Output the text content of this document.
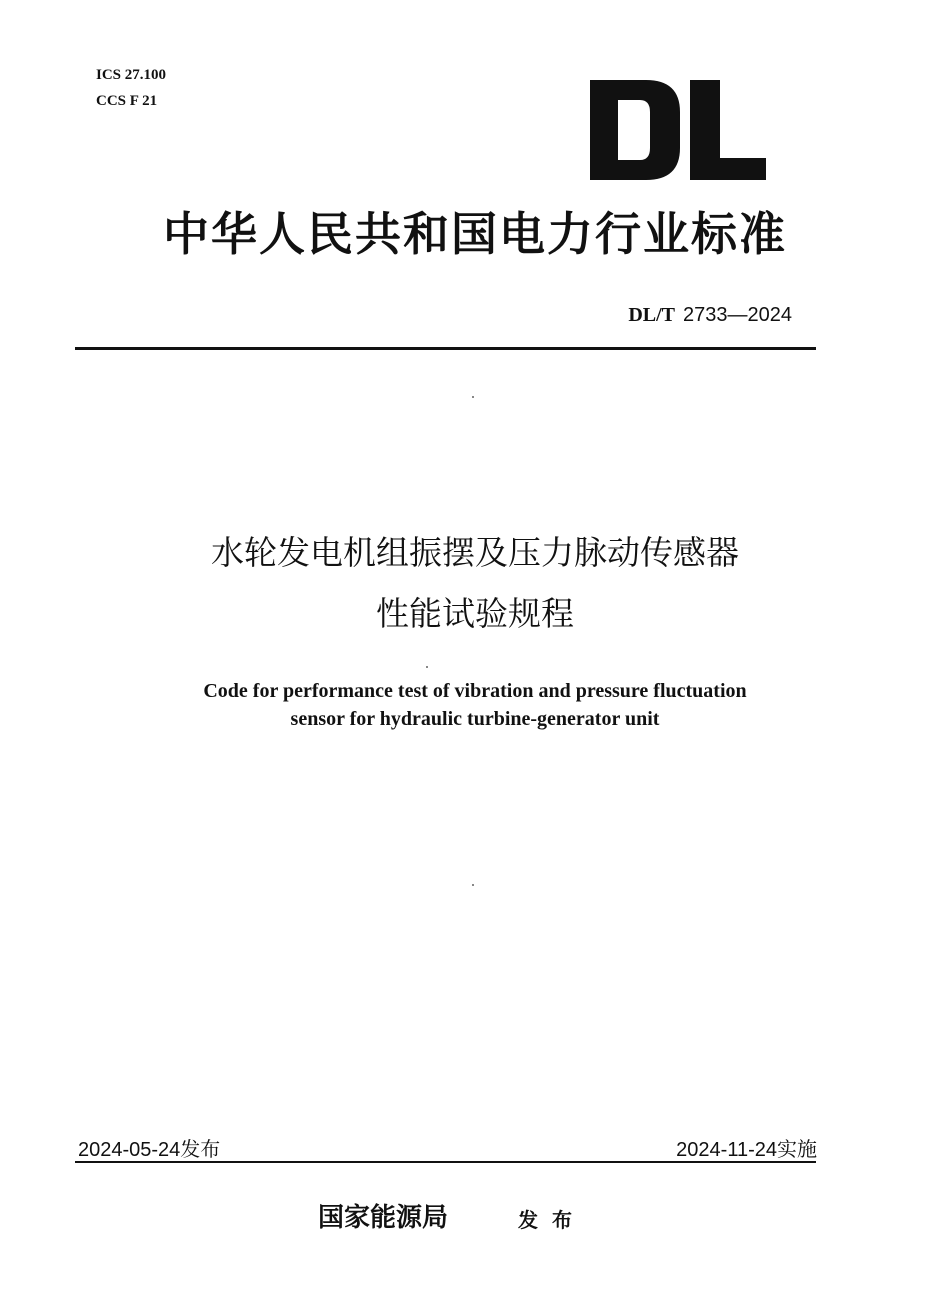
ICS 27.100
CCS F 21
中华人民共和国电力行业标准
DL/T 2733—2024
水轮发电机组振摆及压力脉动传感器
性能试验规程
Code for performance test of vibration and pressure fluctuation
sensor for hydraulic turbine-generator unit
2024-05-24发布	2024-11-24实施
国家能源局	发布
